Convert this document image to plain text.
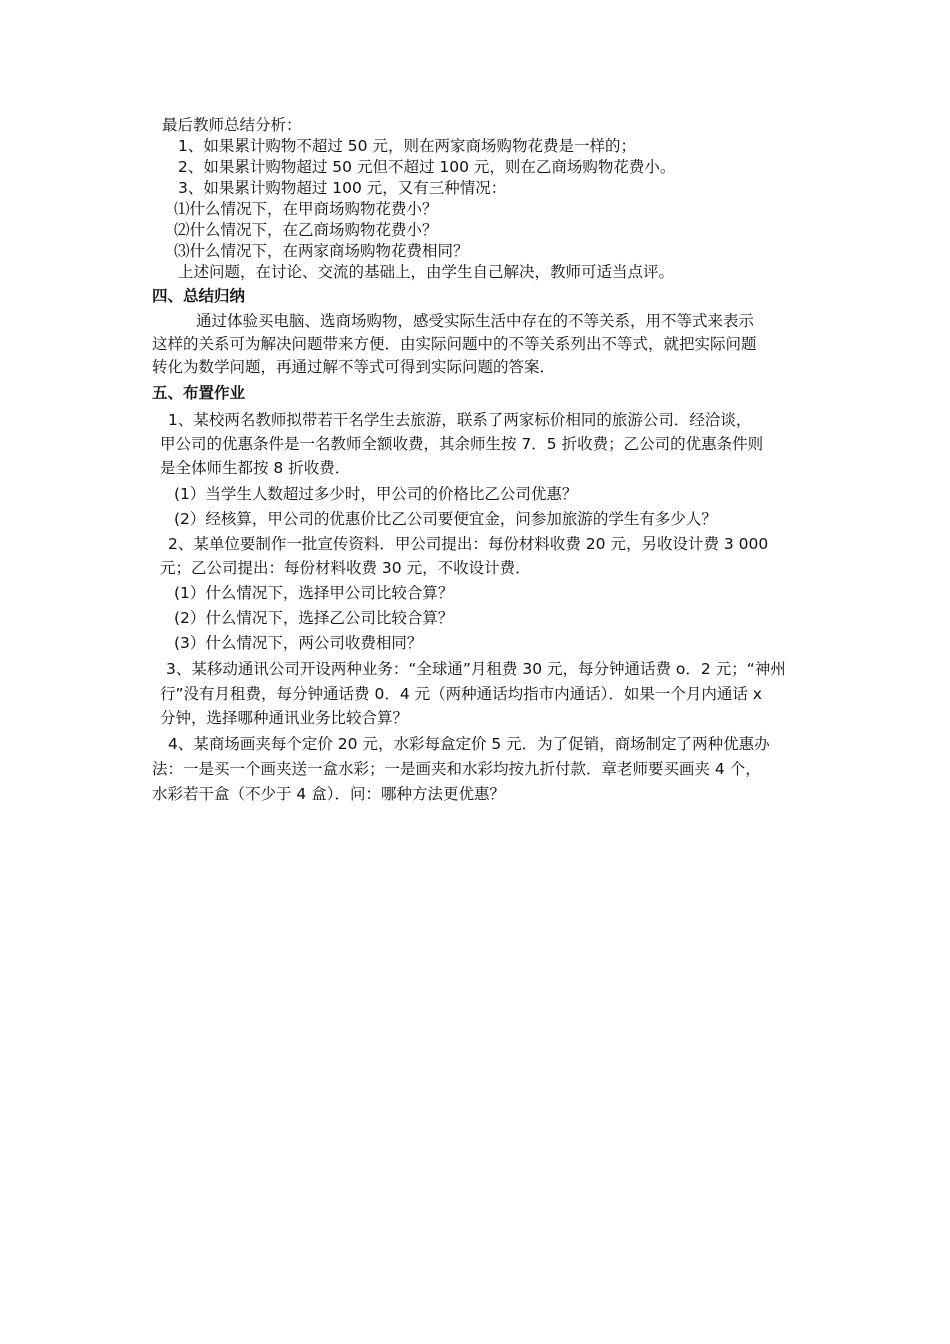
最后教师总结分析：
1、如果累计购物不超过 50 元，则在两家商场购物花费是一样的；
2、如果累计购物超过 50 元但不超过 100 元，则在乙商场购物花费小。
3、如果累计购物超过 100 元，又有三种情况：
⑴什么情况下，在甲商场购物花费小？
⑵什么情况下，在乙商场购物花费小？
⑶什么情况下，在两家商场购物花费相同？
上述问题，在讨论、交流的基础上，由学生自己解决，教师可适当点评。
四、总结归纳
通过体验买电脑、选商场购物，感受实际生活中存在的不等关系，用不等式来表示
这样的关系可为解决问题带来方便．由实际问题中的不等关系列出不等式，就把实际问题
转化为数学问题，再通过解不等式可得到实际问题的答案．
五、布置作业
1、某校两名教师拟带若干名学生去旅游，联系了两家标价相同的旅游公司．经洽谈，
甲公司的优惠条件是一名教师全额收费，其余师生按 7．5 折收费；乙公司的优惠条件则
是全体师生都按 8 折收费．
(1）当学生人数超过多少时，甲公司的价格比乙公司优惠？
(2）经核算，甲公司的优惠价比乙公司要便宜金，问参加旅游的学生有多少人？
2、某单位要制作一批宣传资料．甲公司提出：每份材料收费 20 元，另收设计费 3 000
元；乙公司提出：每份材料收费 30 元，不收设计费．
(1）什么情况下，选择甲公司比较合算？
(2）什么情况下，选择乙公司比较合算？
(3）什么情况下，两公司收费相同？
3、某移动通讯公司开设两种业务：“全球通”月租费 30 元，每分钟通话费 o．2 元；“神州
行”没有月租费，每分钟通话费 0．4 元（两种通话均指市内通话）．如果一个月内通话 x
分钟，选择哪种通讯业务比较合算？
4、某商场画夹每个定价 20 元，水彩每盒定价 5 元．为了促销，商场制定了两种优惠办
法：一是买一个画夹送一盒水彩；一是画夹和水彩均按九折付款．章老师要买画夹 4 个，
水彩若干盒（不少于 4 盒）．问：哪种方法更优惠？
